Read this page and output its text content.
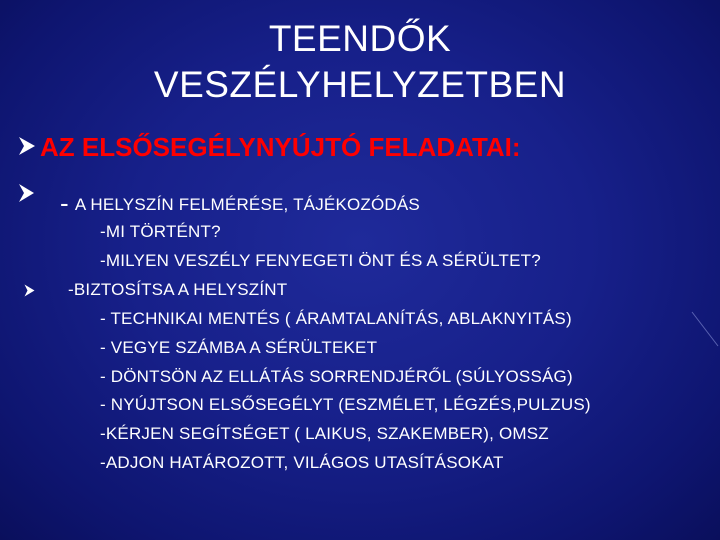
TEENDŐK
VESZÉLYHELYZETBEN
AZ ELSŐSEGÉLYNYÚJTÓ FELADATAI:
- A HELYSZÍN FELMÉRÉSE, TÁJÉKOZÓDÁS
-MI TÖRTÉNT?
-MILYEN VESZÉLY FENYEGETI ÖNT ÉS A SÉRÜLTET?
-BIZTOSÍTSA A HELYSZÍNT
- TECHNIKAI MENTÉS ( ÁRAMTALANÍTÁS, ABLAKNYITÁS)
- VEGYE SZÁMBA A SÉRÜLTEKET
- DÖNTSÖN AZ ELLÁTÁS SORRENDJÉRŐL (SÚLYOSSÁG)
- NYÚJTSON ELSŐSEGÉLYT (ESZMÉLET, LÉGZÉS,PULZUS)
-KÉRJEN SEGÍTSÉGET ( LAIKUS, SZAKEMBER), OMSZ
-ADJON HATÁROZOTT, VILÁGOS UTASÍTÁSOKAT
